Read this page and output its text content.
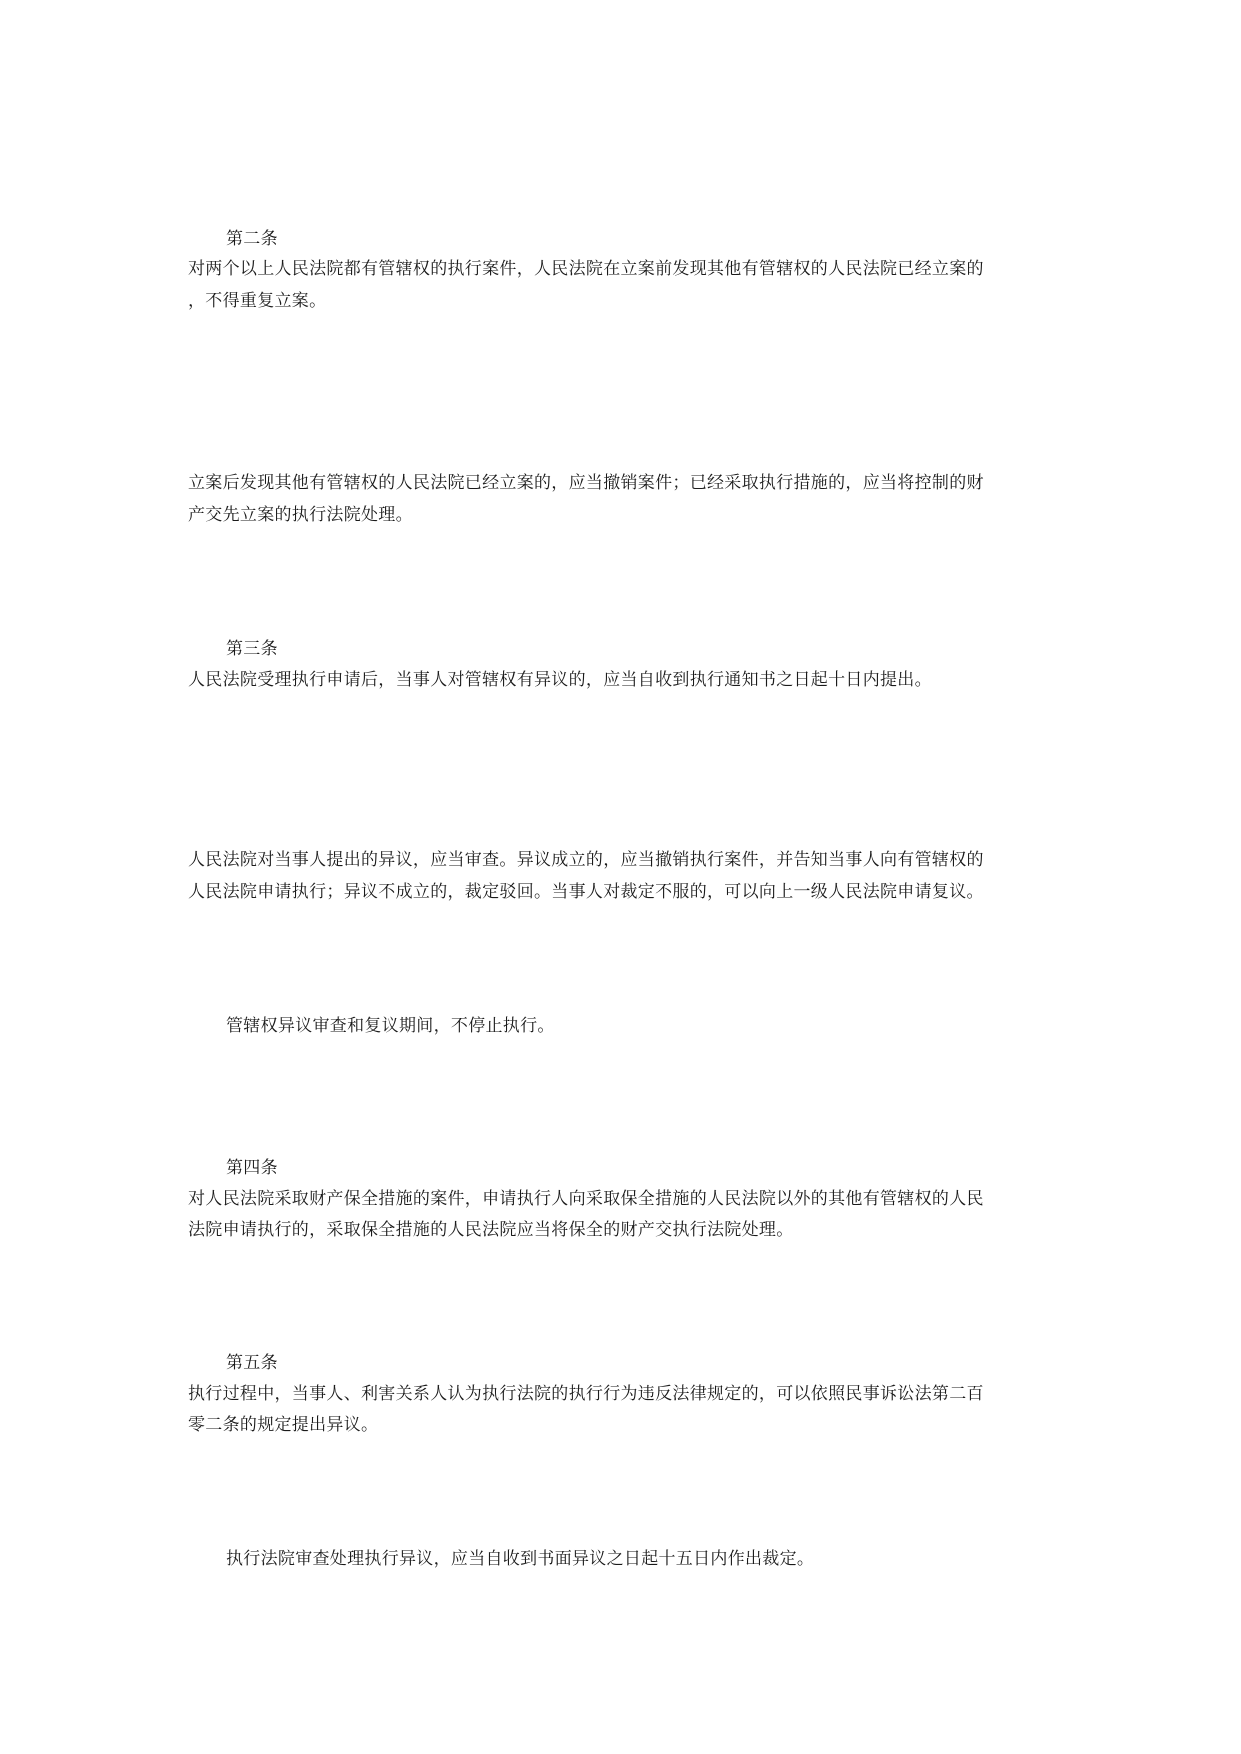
第二条
对两个以上人民法院都有管辖权的执行案件，人民法院在立案前发现其他有管辖权的人民法院已经立案的
，不得重复立案。
立案后发现其他有管辖权的人民法院已经立案的，应当撤销案件；已经采取执行措施的，应当将控制的财
产交先立案的执行法院处理。
第三条
人民法院受理执行申请后，当事人对管辖权有异议的，应当自收到执行通知书之日起十日内提出。
人民法院对当事人提出的异议，应当审查。异议成立的，应当撤销执行案件，并告知当事人向有管辖权的
人民法院申请执行；异议不成立的，裁定驳回。当事人对裁定不服的，可以向上一级人民法院申请复议。
管辖权异议审查和复议期间，不停止执行。
第四条
对人民法院采取财产保全措施的案件，申请执行人向采取保全措施的人民法院以外的其他有管辖权的人民
法院申请执行的，采取保全措施的人民法院应当将保全的财产交执行法院处理。
第五条
执行过程中，当事人、利害关系人认为执行法院的执行行为违反法律规定的，可以依照民事诉讼法第二百
零二条的规定提出异议。
执行法院审查处理执行异议，应当自收到书面异议之日起十五日内作出裁定。
